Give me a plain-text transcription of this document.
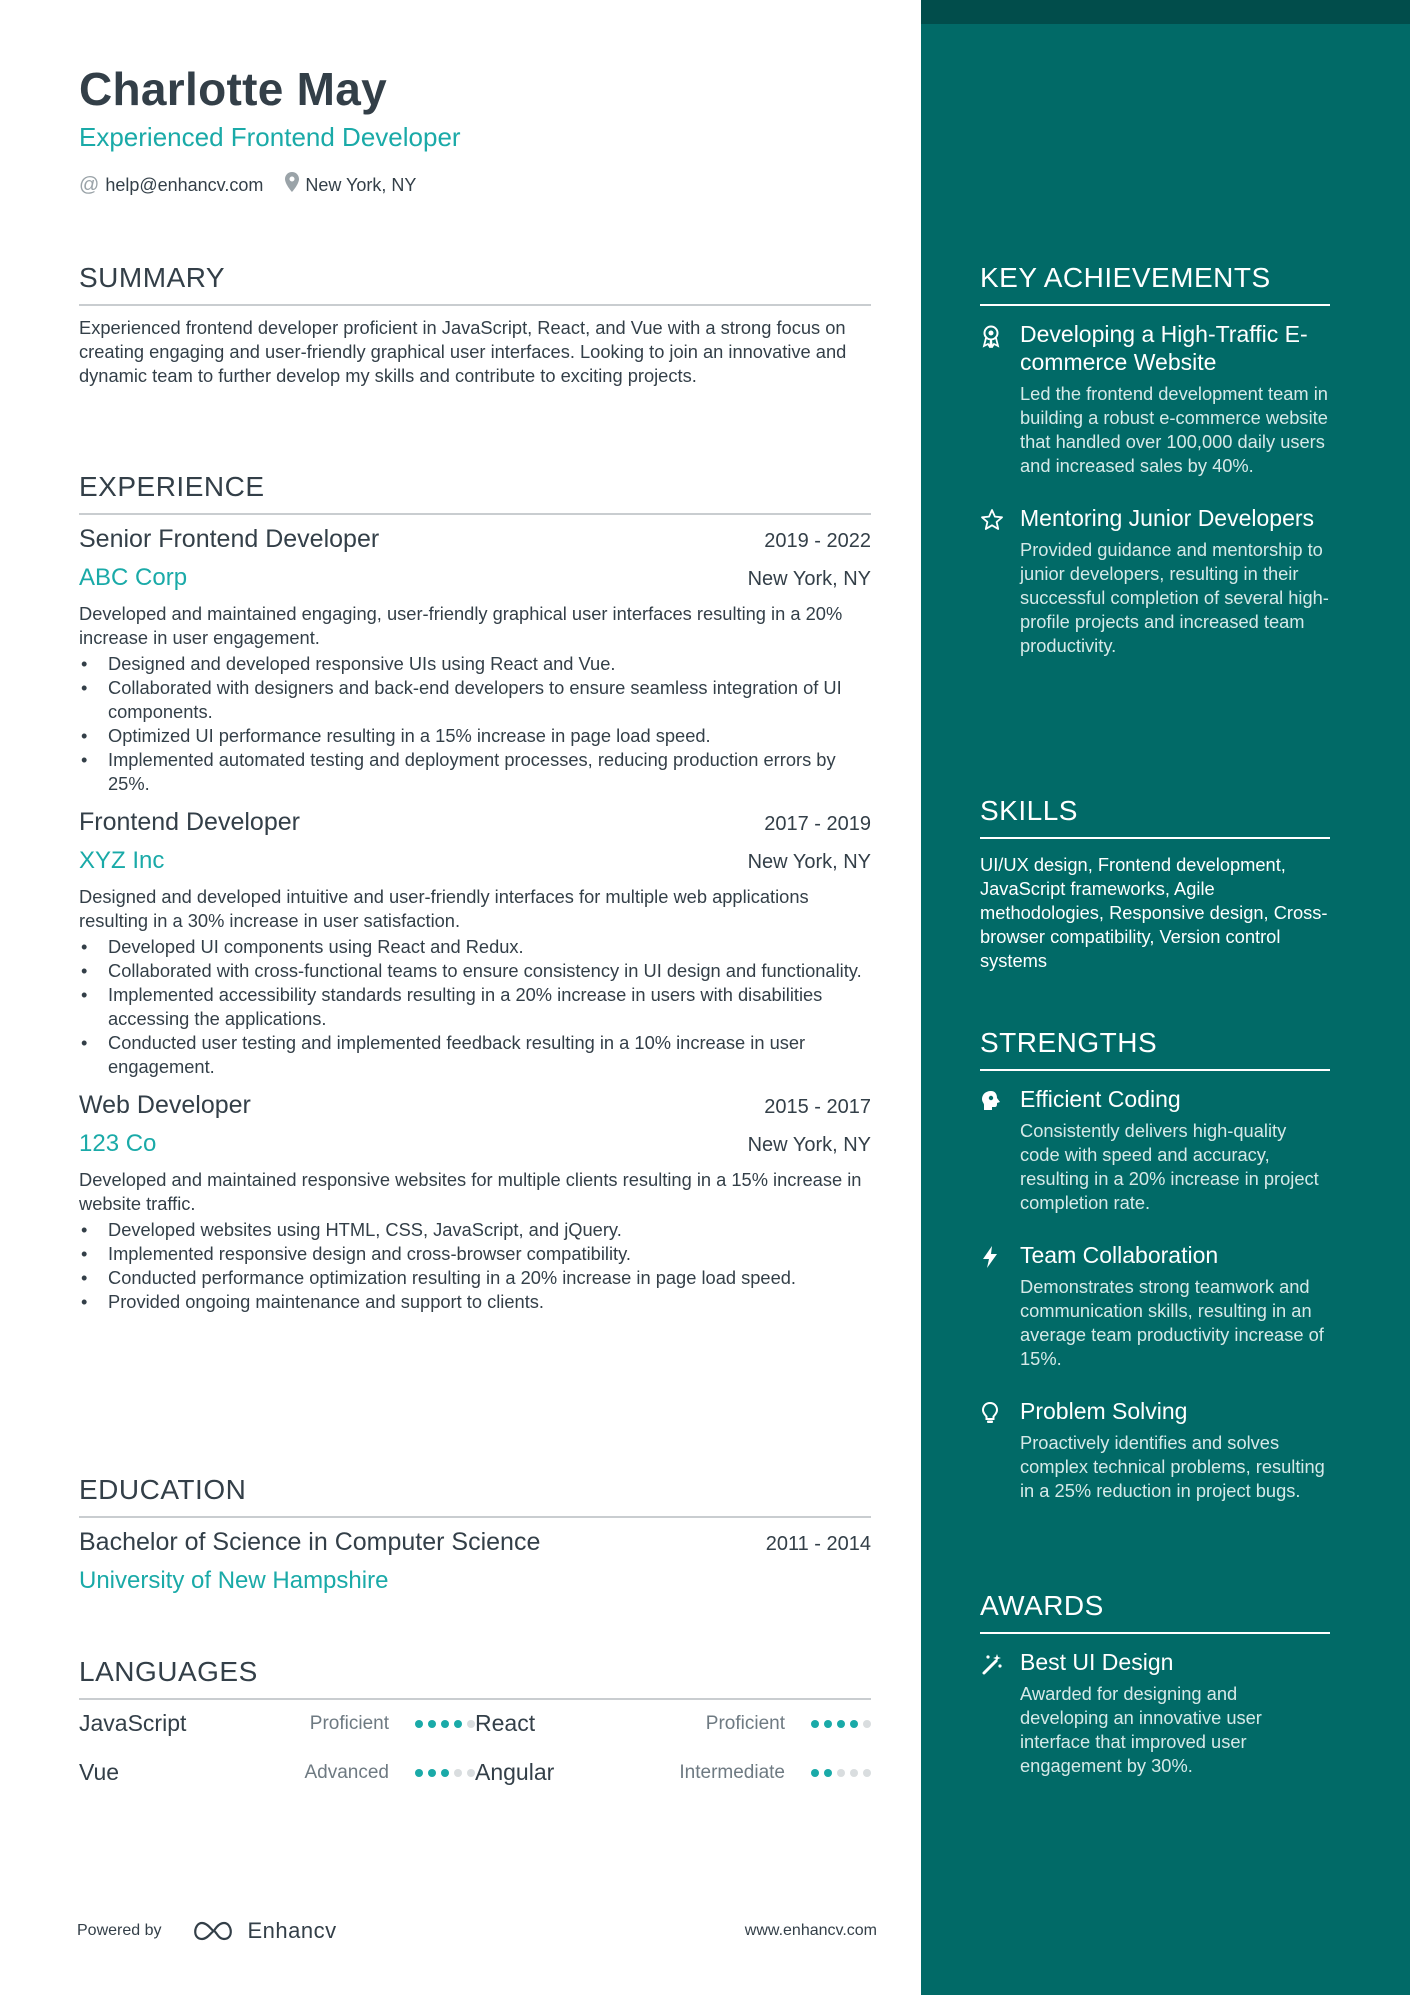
Charlotte May
Experienced Frontend Developer
@ help@enhancv.com New York, NY
SUMMARY
Experienced frontend developer proficient in JavaScript, React, and Vue with a strong focus on creating engaging and user-friendly graphical user interfaces. Looking to join an innovative and dynamic team to further develop my skills and contribute to exciting projects.
EXPERIENCE
Senior Frontend Developer	2019 - 2022
ABC Corp	New York, NY
Developed and maintained engaging, user-friendly graphical user interfaces resulting in a 20% increase in user engagement.
• Designed and developed responsive UIs using React and Vue.
• Collaborated with designers and back-end developers to ensure seamless integration of UI components.
• Optimized UI performance resulting in a 15% increase in page load speed.
• Implemented automated testing and deployment processes, reducing production errors by 25%.
Frontend Developer	2017 - 2019
XYZ Inc	New York, NY
Designed and developed intuitive and user-friendly interfaces for multiple web applications resulting in a 30% increase in user satisfaction.
• Developed UI components using React and Redux.
• Collaborated with cross-functional teams to ensure consistency in UI design and functionality.
• Implemented accessibility standards resulting in a 20% increase in users with disabilities accessing the applications.
• Conducted user testing and implemented feedback resulting in a 10% increase in user engagement.
Web Developer	2015 - 2017
123 Co	New York, NY
Developed and maintained responsive websites for multiple clients resulting in a 15% increase in website traffic.
• Developed websites using HTML, CSS, JavaScript, and jQuery.
• Implemented responsive design and cross-browser compatibility.
• Conducted performance optimization resulting in a 20% increase in page load speed.
• Provided ongoing maintenance and support to clients.
EDUCATION
Bachelor of Science in Computer Science	2011 - 2014
University of New Hampshire
LANGUAGES
JavaScript	Proficient	React	Proficient
Vue	Advanced	Angular	Intermediate
Powered by	Enhancv	www.enhancv.com
KEY ACHIEVEMENTS
Developing a High-Traffic E-commerce Website
Led the frontend development team in building a robust e-commerce website that handled over 100,000 daily users and increased sales by 40%.
Mentoring Junior Developers
Provided guidance and mentorship to junior developers, resulting in their successful completion of several high-profile projects and increased team productivity.
SKILLS
UI/UX design, Frontend development, JavaScript frameworks, Agile methodologies, Responsive design, Cross-browser compatibility, Version control systems
STRENGTHS
Efficient Coding
Consistently delivers high-quality code with speed and accuracy, resulting in a 20% increase in project completion rate.
Team Collaboration
Demonstrates strong teamwork and communication skills, resulting in an average team productivity increase of 15%.
Problem Solving
Proactively identifies and solves complex technical problems, resulting in a 25% reduction in project bugs.
AWARDS
Best UI Design
Awarded for designing and developing an innovative user interface that improved user engagement by 30%.
